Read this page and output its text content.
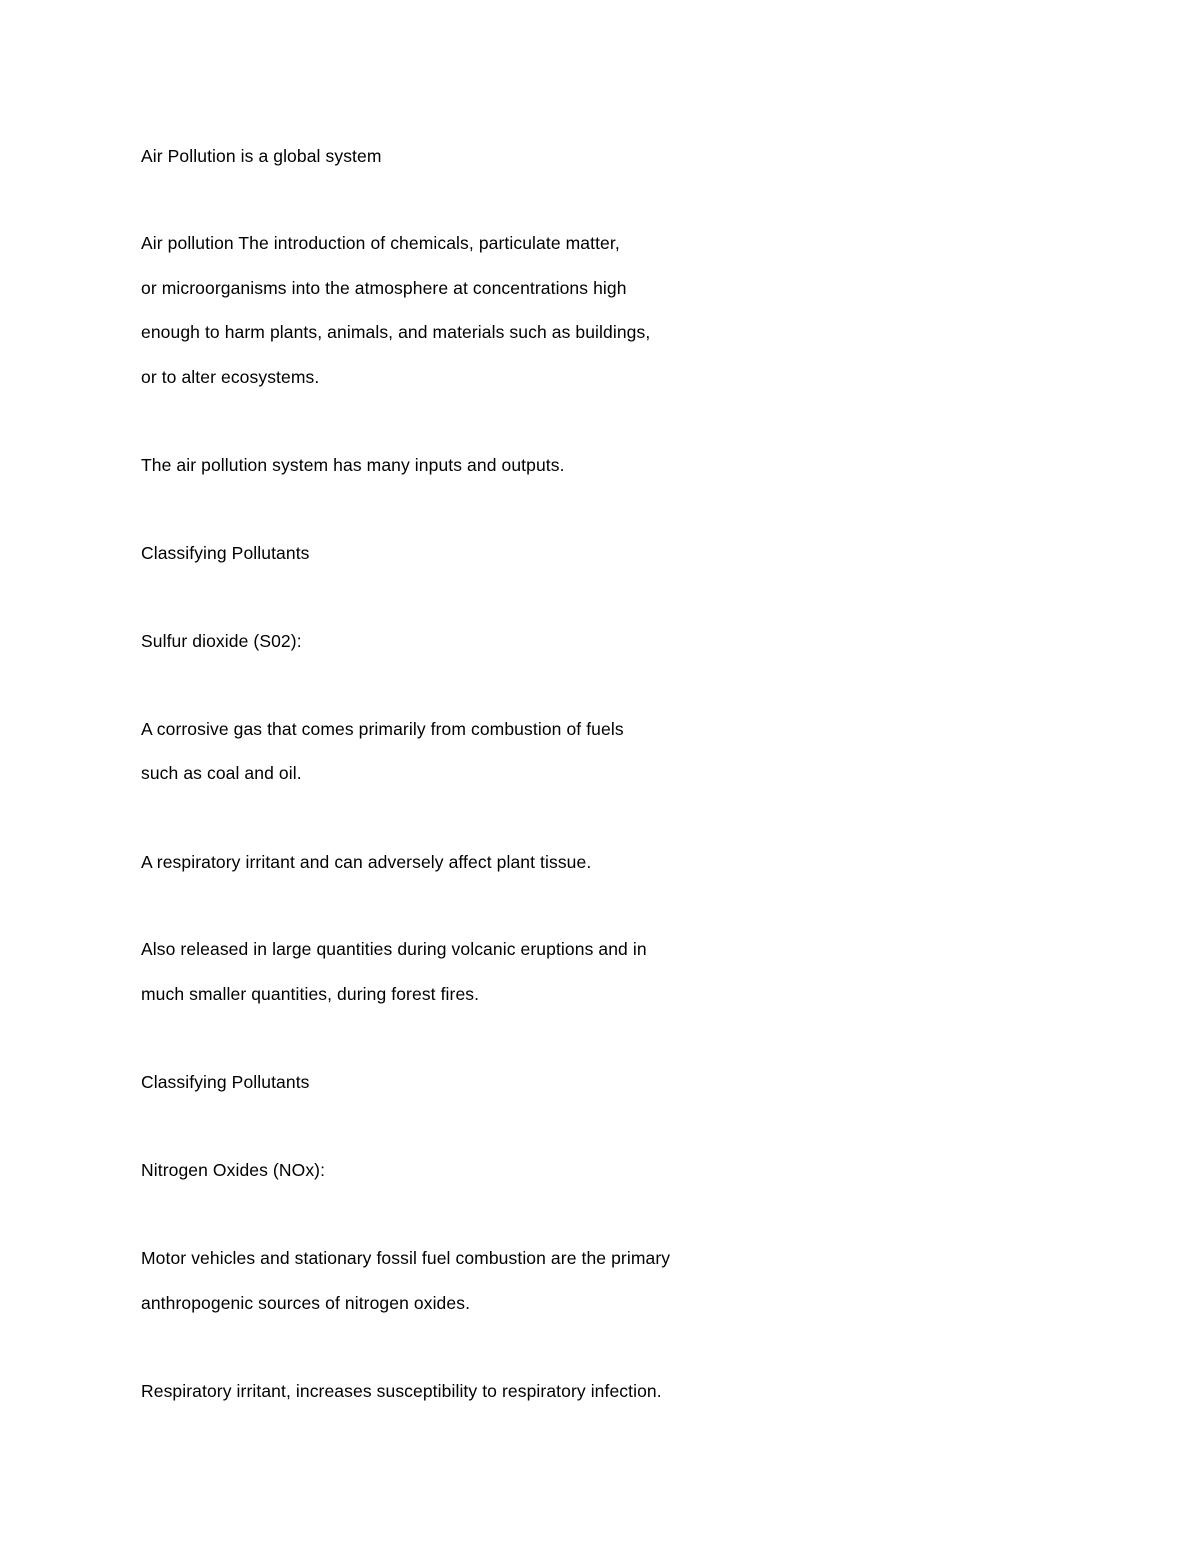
Air Pollution is a global system

Air pollution The introduction of chemicals, particulate matter,

or microorganisms into the atmosphere at concentrations high

enough to harm plants, animals, and materials such as buildings,

or to alter ecosystems.

The air pollution system has many inputs and outputs.

Classifying Pollutants

Sulfur dioxide (S02):

A corrosive gas that comes primarily from combustion of fuels

such as coal and oil.

A respiratory irritant and can adversely affect plant tissue.

Also released in large quantities during volcanic eruptions and in

much smaller quantities, during forest fires.

Classifying Pollutants

Nitrogen Oxides (NOx):

Motor vehicles and stationary fossil fuel combustion are the primary

anthropogenic sources of nitrogen oxides.

Respiratory irritant, increases susceptibility to respiratory infection.
